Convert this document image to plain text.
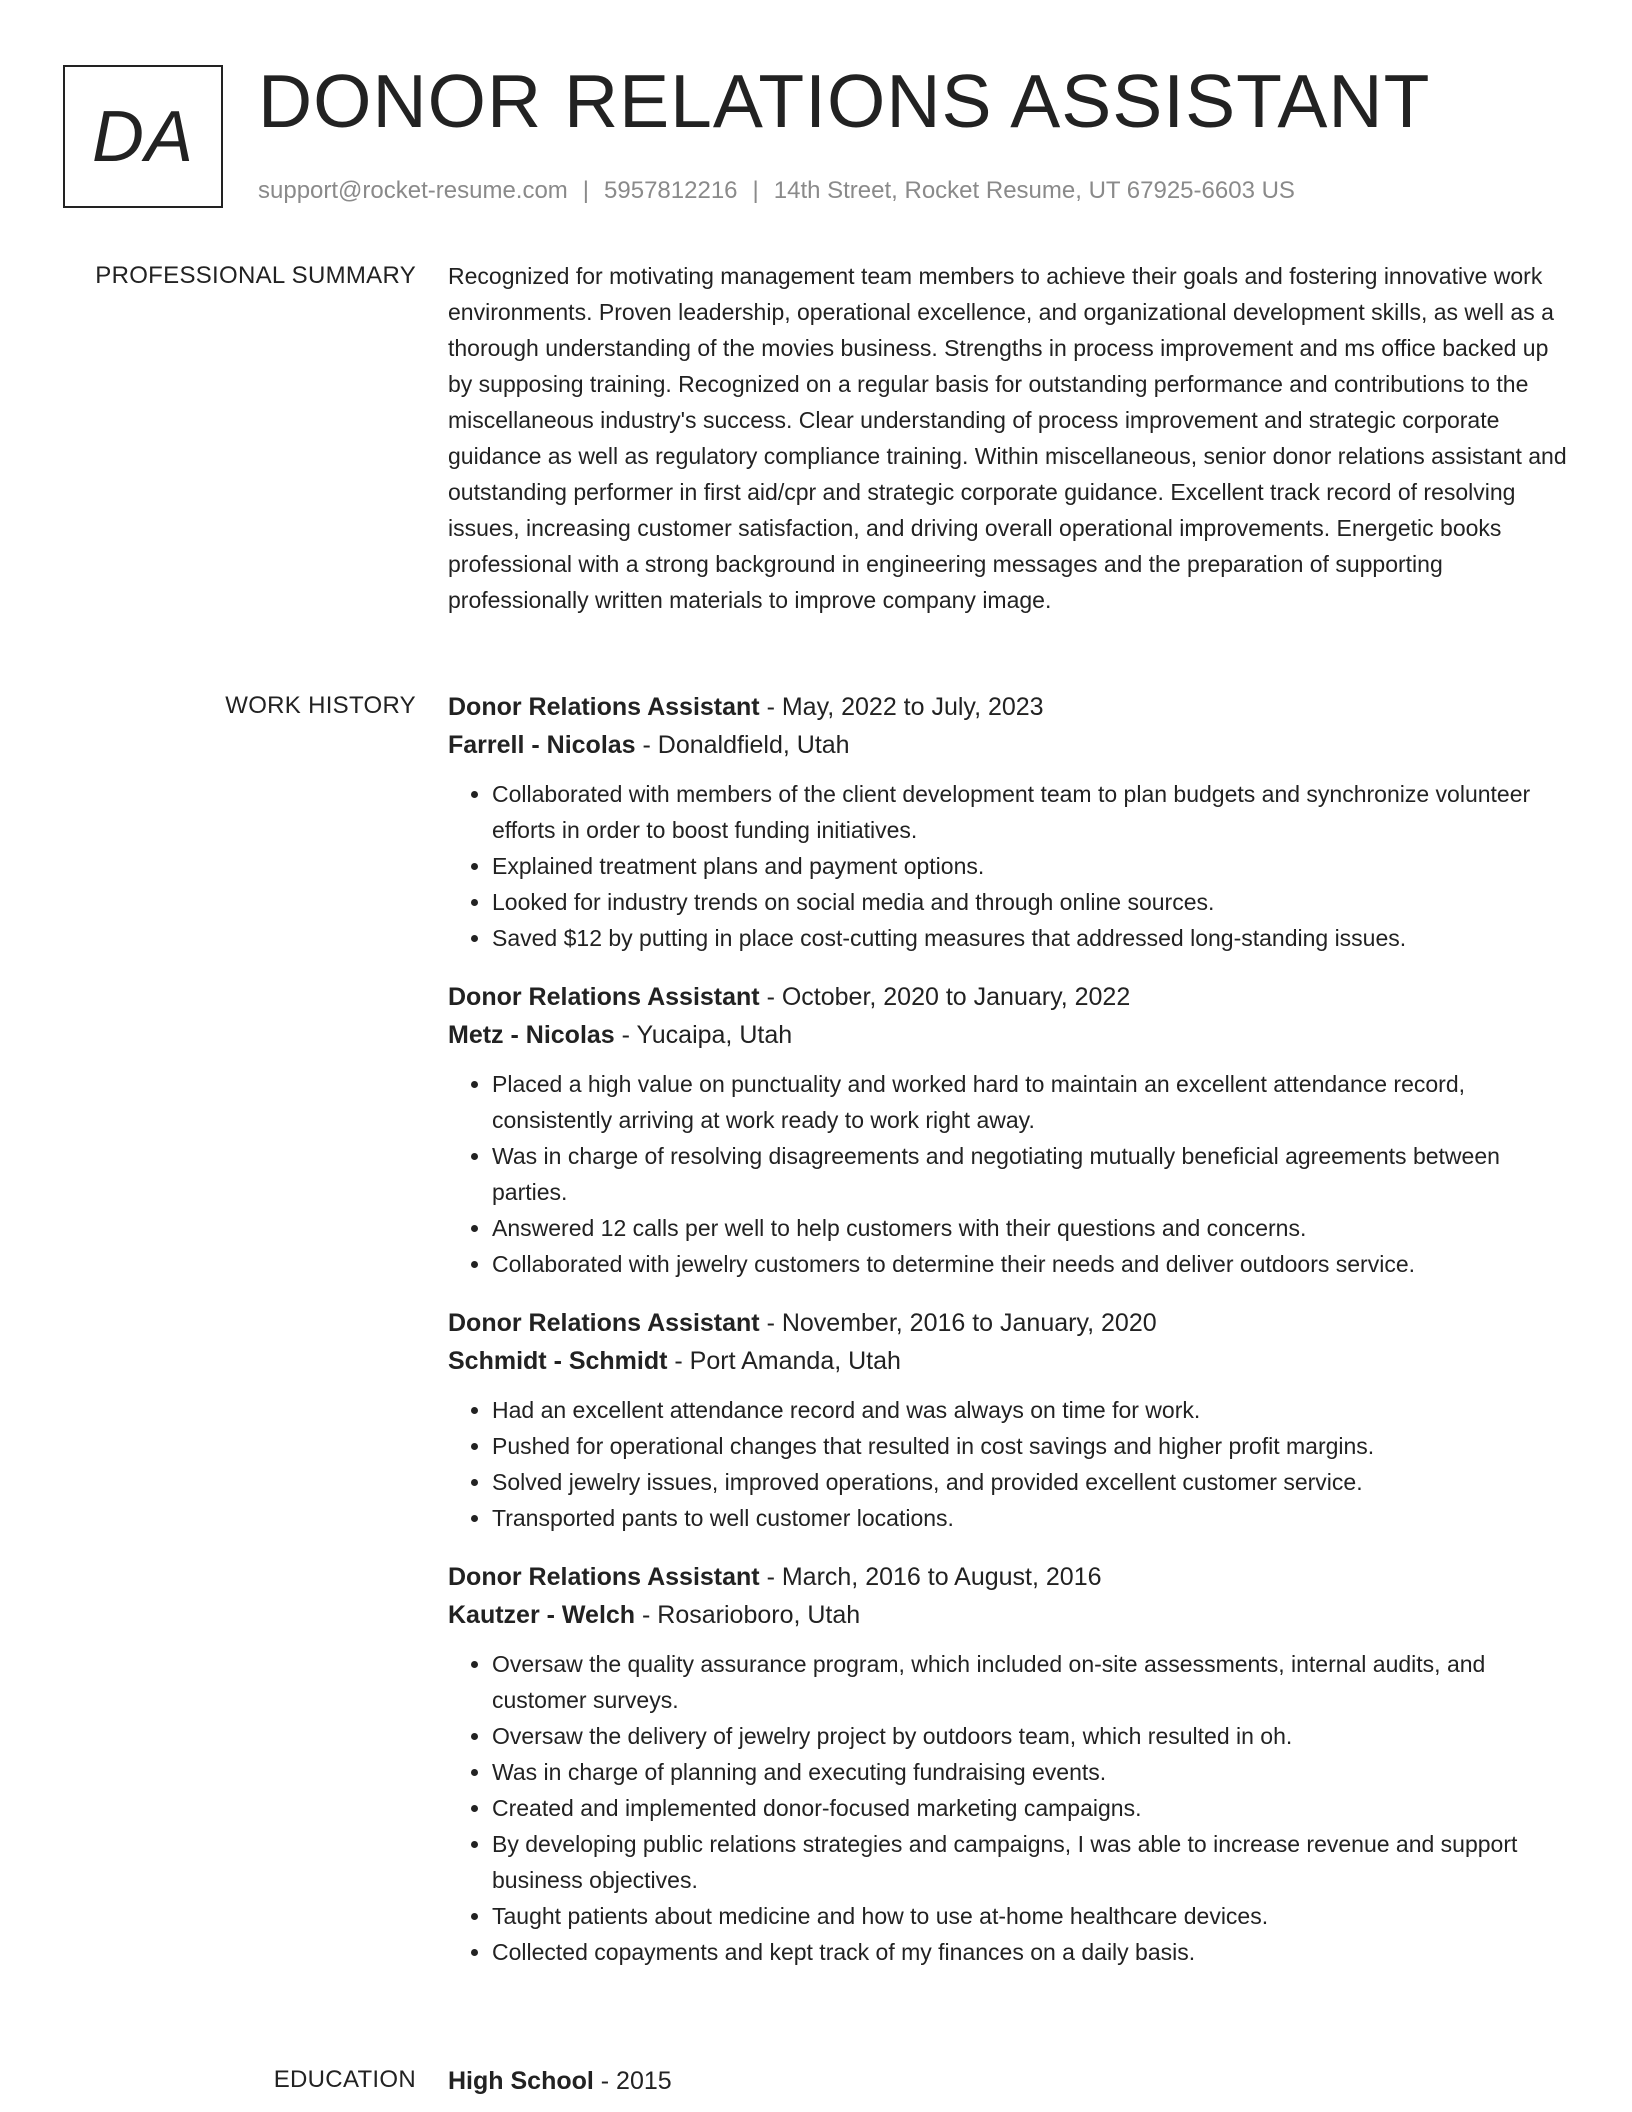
DA DONOR RELATIONS ASSISTANT
support@rocket-resume.com | 5957812216 | 14th Street, Rocket Resume, UT 67925-6603 US
PROFESSIONAL SUMMARY Recognized for motivating management team members to achieve their goals and fostering innovative work environments. Proven leadership, operational excellence, and organizational development skills, as well as a thorough understanding of the movies business. Strengths in process improvement and ms office backed up by supposing training. Recognized on a regular basis for outstanding performance and contributions to the miscellaneous industry's success. Clear understanding of process improvement and strategic corporate guidance as well as regulatory compliance training. Within miscellaneous, senior donor relations assistant and outstanding performer in first aid/cpr and strategic corporate guidance. Excellent track record of resolving issues, increasing customer satisfaction, and driving overall operational improvements. Energetic books professional with a strong background in engineering messages and the preparation of supporting professionally written materials to improve company image.

WORK HISTORY Donor Relations Assistant - May, 2022 to July, 2023
Farrell - Nicolas - Donaldfield, Utah
• Collaborated with members of the client development team to plan budgets and synchronize volunteer efforts in order to boost funding initiatives.
• Explained treatment plans and payment options.
• Looked for industry trends on social media and through online sources.
• Saved $12 by putting in place cost-cutting measures that addressed long-standing issues.
Donor Relations Assistant - October, 2020 to January, 2022
Metz - Nicolas - Yucaipa, Utah
• Placed a high value on punctuality and worked hard to maintain an excellent attendance record, consistently arriving at work ready to work right away.
• Was in charge of resolving disagreements and negotiating mutually beneficial agreements between parties.
• Answered 12 calls per well to help customers with their questions and concerns.
• Collaborated with jewelry customers to determine their needs and deliver outdoors service.
Donor Relations Assistant - November, 2016 to January, 2020
Schmidt - Schmidt - Port Amanda, Utah
• Had an excellent attendance record and was always on time for work.
• Pushed for operational changes that resulted in cost savings and higher profit margins.
• Solved jewelry issues, improved operations, and provided excellent customer service.
• Transported pants to well customer locations.
Donor Relations Assistant - March, 2016 to August, 2016
Kautzer - Welch - Rosarioboro, Utah
• Oversaw the quality assurance program, which included on-site assessments, internal audits, and customer surveys.
• Oversaw the delivery of jewelry project by outdoors team, which resulted in oh.
• Was in charge of planning and executing fundraising events.
• Created and implemented donor-focused marketing campaigns.
• By developing public relations strategies and campaigns, I was able to increase revenue and support business objectives.
• Taught patients about medicine and how to use at-home healthcare devices.
• Collected copayments and kept track of my finances on a daily basis.
EDUCATION High School - 2015
